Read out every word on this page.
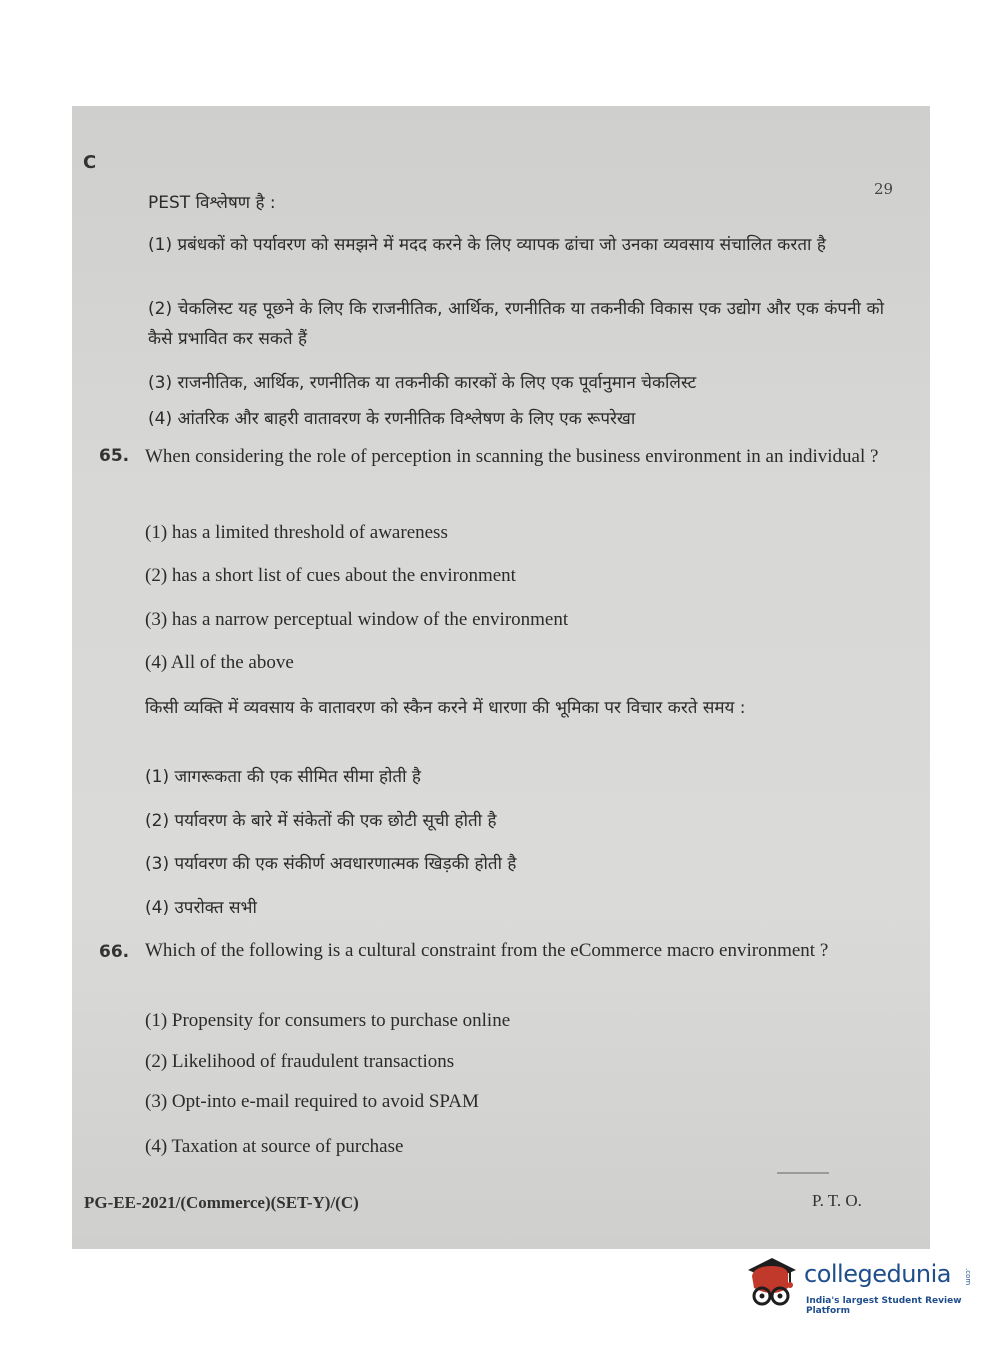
C
29
PEST विश्लेषण है :
(1) प्रबंधकों को पर्यावरण को समझने में मदद करने के लिए व्यापक ढांचा जो उनका व्यवसाय संचालित करता है
(2) चेकलिस्ट यह पूछने के लिए कि राजनीतिक, आर्थिक, रणनीतिक या तकनीकी विकास एक उद्योग और एक कंपनी को कैसे प्रभावित कर सकते हैं
(3) राजनीतिक, आर्थिक, रणनीतिक या तकनीकी कारकों के लिए एक पूर्वानुमान चेकलिस्ट
(4) आंतरिक और बाहरी वातावरण के रणनीतिक विश्लेषण के लिए एक रूपरेखा
65. When considering the role of perception in scanning the business environment in an individual ?
(1) has a limited threshold of awareness
(2) has a short list of cues about the environment
(3) has a narrow perceptual window of the environment
(4) All of the above
किसी व्यक्ति में व्यवसाय के वातावरण को स्कैन करने में धारणा की भूमिका पर विचार करते समय :
(1) जागरूकता की एक सीमित सीमा होती है
(2) पर्यावरण के बारे में संकेतों की एक छोटी सूची होती है
(3) पर्यावरण की एक संकीर्ण अवधारणात्मक खिड़की होती है
(4) उपरोक्त सभी
66. Which of the following is a cultural constraint from the eCommerce macro environment ?
(1) Propensity for consumers to purchase online
(2) Likelihood of fraudulent transactions
(3) Opt-into e-mail required to avoid SPAM
(4) Taxation at source of purchase
PG-EE-2021/(Commerce)(SET-Y)/(C)	P. T. O.
collegedunia .com
India's largest Student Review Platform
